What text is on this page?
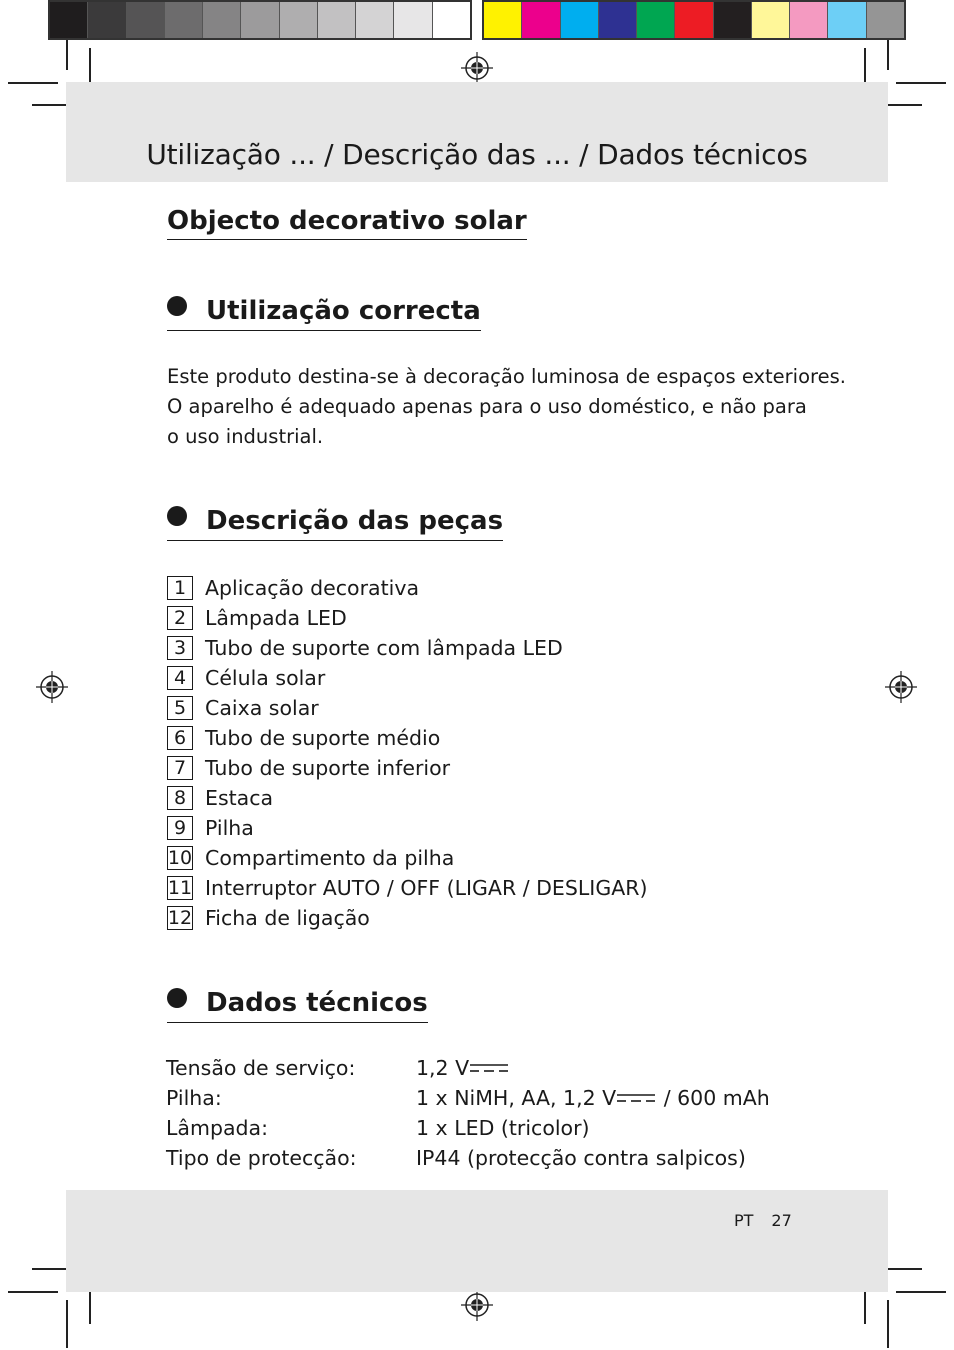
Utilização ... / Descrição das ... / Dados técnicos
Objecto decorativo solar
Utilização correcta

Este produto destina-se à decoração luminosa de espaços exteriores.
O aparelho é adequado apenas para o uso doméstico, e não para
o uso industrial.

Descrição das peças
1 Aplicação decorativa
2 Lâmpada LED
3 Tubo de suporte com lâmpada LED
4 Célula solar
5 Caixa solar
6 Tubo de suporte médio
7 Tubo de suporte inferior
8 Estaca
9 Pilha
10 Compartimento da pilha
11 Interruptor AUTO / OFF (LIGAR / DESLIGAR)
12 Ficha de ligação
Dados técnicos
Tensão de serviço:	1,2 V
Pilha:	1 x NiMH, AA, 1,2 V / 600 mAh
Lâmpada:	1 x LED (tricolor)
Tipo de protecção:	IP44 (protecção contra salpicos)
PT 27
